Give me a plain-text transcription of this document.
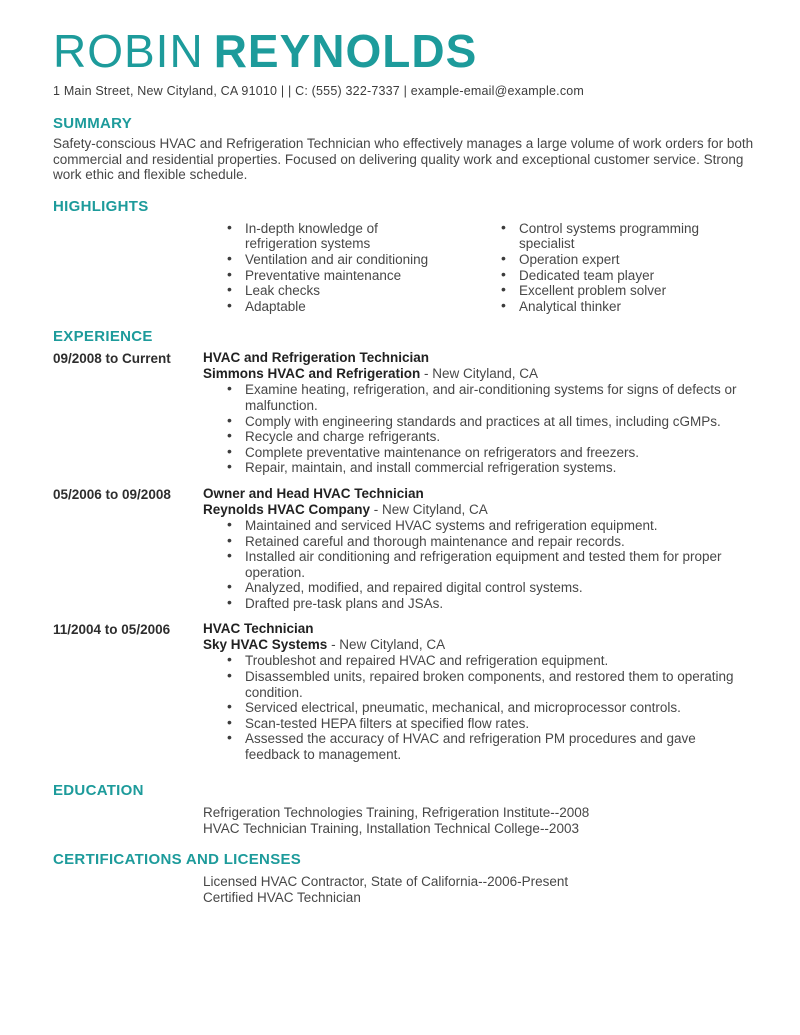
ROBIN REYNOLDS
1 Main Street, New Cityland, CA 91010 | | C: (555) 322-7337 | example-email@example.com
SUMMARY
Safety-conscious HVAC and Refrigeration Technician who effectively manages a large volume of work orders for both commercial and residential properties. Focused on delivering quality work and exceptional customer service. Strong work ethic and flexible schedule.
HIGHLIGHTS
• In-depth knowledge of refrigeration systems
• Ventilation and air conditioning
• Preventative maintenance
• Leak checks
• Adaptable
• Control systems programming specialist
• Operation expert
• Dedicated team player
• Excellent problem solver
• Analytical thinker
EXPERIENCE
09/2008 to Current	HVAC and Refrigeration Technician
Simmons HVAC and Refrigeration - New Cityland, CA
• Examine heating, refrigeration, and air-conditioning systems for signs of defects or malfunction.
• Comply with engineering standards and practices at all times, including cGMPs.
• Recycle and charge refrigerants.
• Complete preventative maintenance on refrigerators and freezers.
• Repair, maintain, and install commercial refrigeration systems.
05/2006 to 09/2008	Owner and Head HVAC Technician
Reynolds HVAC Company - New Cityland, CA
• Maintained and serviced HVAC systems and refrigeration equipment.
• Retained careful and thorough maintenance and repair records.
• Installed air conditioning and refrigeration equipment and tested them for proper operation.
• Analyzed, modified, and repaired digital control systems.
• Drafted pre-task plans and JSAs.
11/2004 to 05/2006	HVAC Technician
Sky HVAC Systems - New Cityland, CA
• Troubleshot and repaired HVAC and refrigeration equipment.
• Disassembled units, repaired broken components, and restored them to operating condition.
• Serviced electrical, pneumatic, mechanical, and microprocessor controls.
• Scan-tested HEPA filters at specified flow rates.
• Assessed the accuracy of HVAC and refrigeration PM procedures and gave feedback to management.
EDUCATION
Refrigeration Technologies Training, Refrigeration Institute--2008
HVAC Technician Training, Installation Technical College--2003
CERTIFICATIONS AND LICENSES
Licensed HVAC Contractor, State of California--2006-Present
Certified HVAC Technician
